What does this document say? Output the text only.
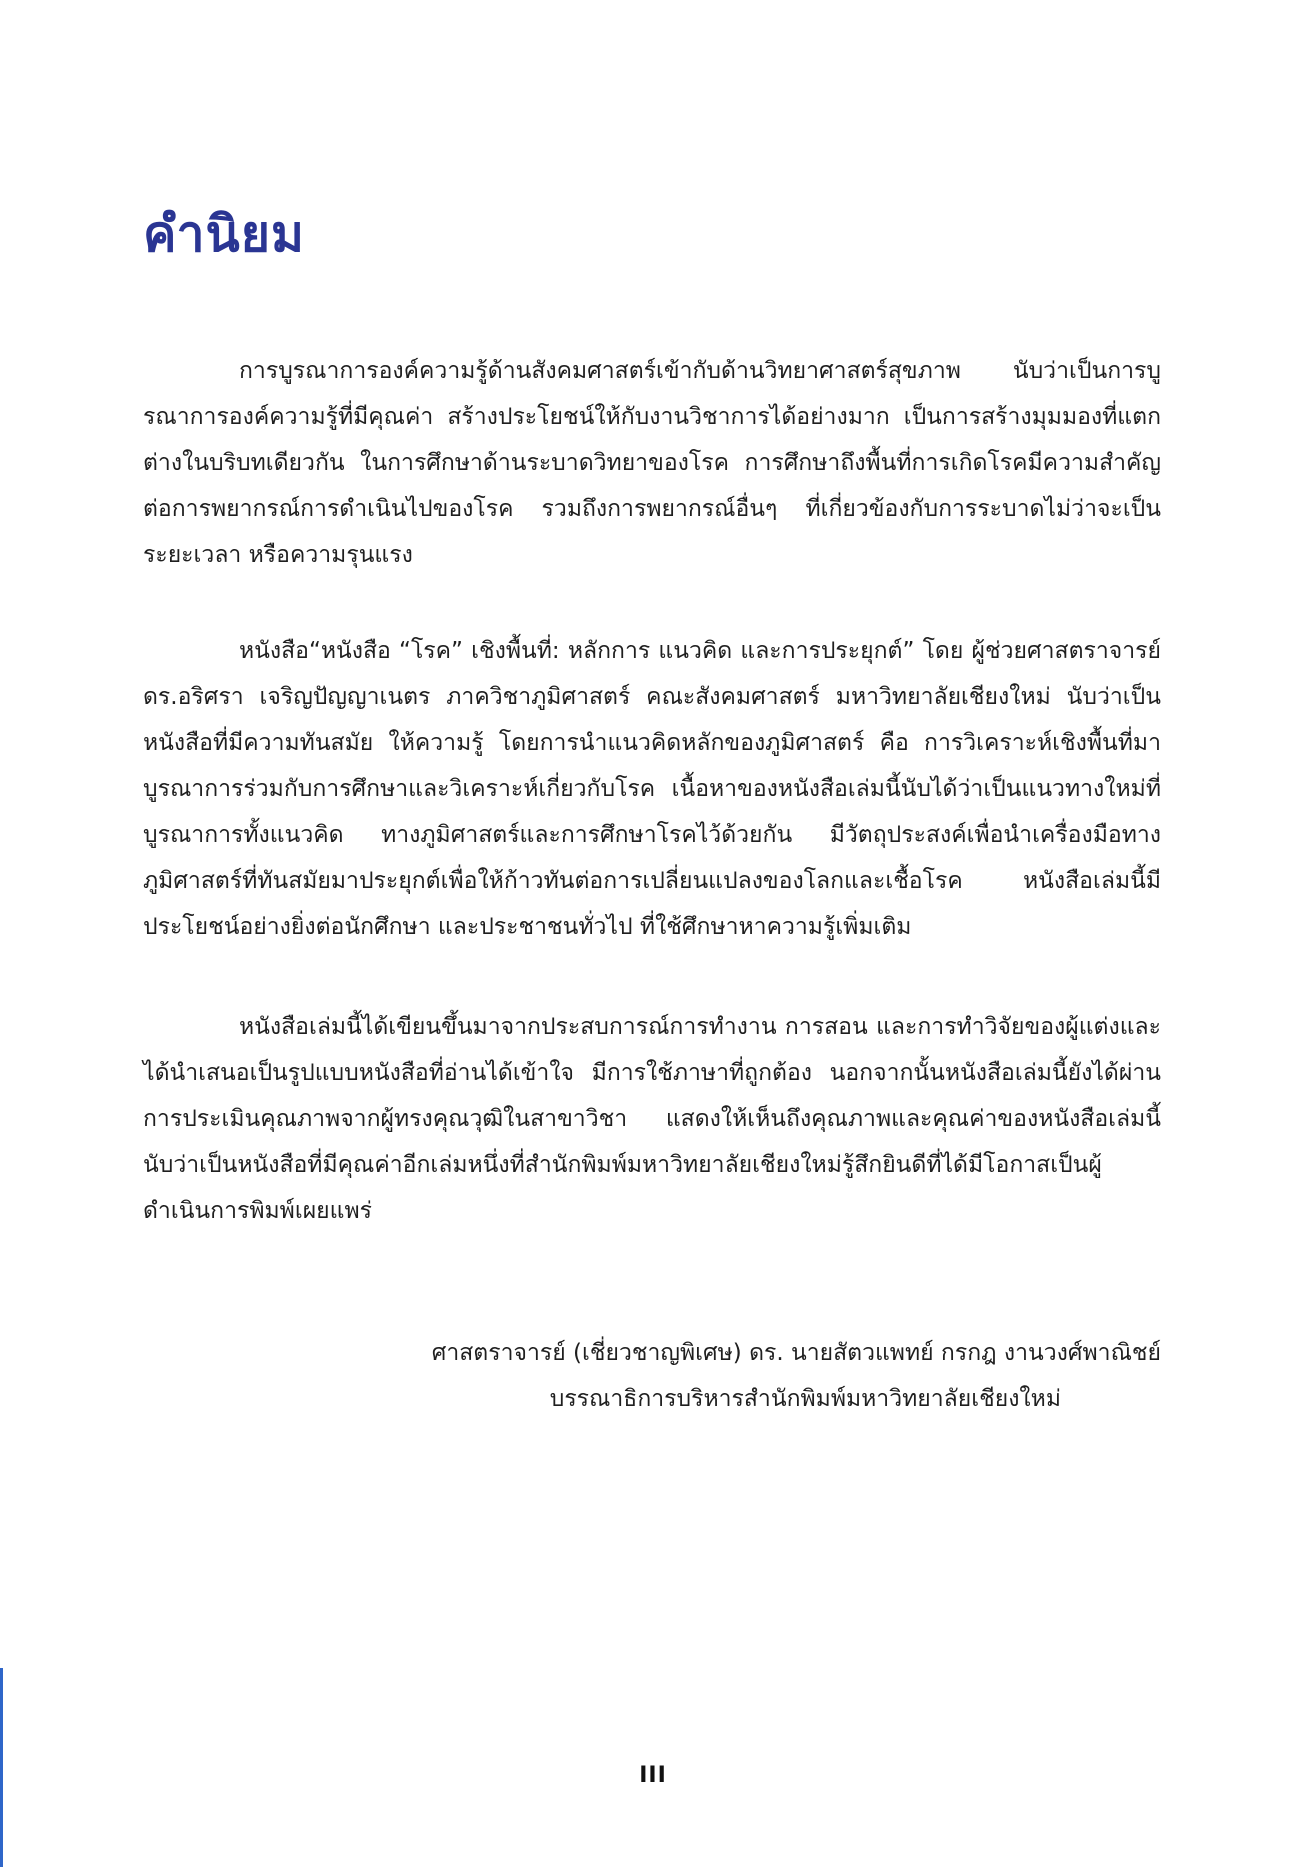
คำนิยม

การบูรณาการองค์ความรู้ด้านสังคมศาสตร์เข้ากับด้านวิทยาศาสตร์สุขภาพ นับว่าเป็นการบูรณาการองค์ความรู้ที่มีคุณค่า สร้างประโยชน์ให้กับงานวิชาการได้อย่างมาก เป็นการสร้างมุมมองที่แตกต่างในบริบทเดียวกัน ในการศึกษาด้านระบาดวิทยาของโรค การศึกษาถึงพื้นที่การเกิดโรคมีความสำคัญต่อการพยากรณ์การดำเนินไปของโรค รวมถึงการพยากรณ์อื่นๆ ที่เกี่ยวข้องกับการระบาดไม่ว่าจะเป็นระยะเวลา หรือความรุนแรง

หนังสือ“หนังสือ “โรค” เชิงพื้นที่: หลักการ แนวคิด และการประยุกต์” โดย ผู้ช่วยศาสตราจารย์ ดร.อริศรา เจริญปัญญาเนตร ภาควิชาภูมิศาสตร์ คณะสังคมศาสตร์ มหาวิทยาลัยเชียงใหม่ นับว่าเป็นหนังสือที่มีความทันสมัย ให้ความรู้ โดยการนำแนวคิดหลักของภูมิศาสตร์ คือ การวิเคราะห์เชิงพื้นที่มาบูรณาการร่วมกับการศึกษาและวิเคราะห์เกี่ยวกับโรค เนื้อหาของหนังสือเล่มนี้นับได้ว่าเป็นแนวทางใหม่ที่บูรณาการทั้งแนวคิด ทางภูมิศาสตร์และการศึกษาโรคไว้ด้วยกัน มีวัตถุประสงค์เพื่อนำเครื่องมือทางภูมิศาสตร์ที่ทันสมัยมาประยุกต์เพื่อให้ก้าวทันต่อการเปลี่ยนแปลงของโลกและเชื้อโรค หนังสือเล่มนี้มีประโยชน์อย่างยิ่งต่อนักศึกษา และประชาชนทั่วไป ที่ใช้ศึกษาหาความรู้เพิ่มเติม

หนังสือเล่มนี้ได้เขียนขึ้นมาจากประสบการณ์การทำงาน การสอน และการทำวิจัยของผู้แต่งและได้นำเสนอเป็นรูปแบบหนังสือที่อ่านได้เข้าใจ มีการใช้ภาษาที่ถูกต้อง นอกจากนั้นหนังสือเล่มนี้ยังได้ผ่านการประเมินคุณภาพจากผู้ทรงคุณวุฒิในสาขาวิชา แสดงให้เห็นถึงคุณภาพและคุณค่าของหนังสือเล่มนี้ นับว่าเป็นหนังสือที่มีคุณค่าอีกเล่มหนึ่งที่สำนักพิมพ์มหาวิทยาลัยเชียงใหม่รู้สึกยินดีที่ได้มีโอกาสเป็นผู้ดำเนินการพิมพ์เผยแพร่

ศาสตราจารย์ (เชี่ยวชาญพิเศษ) ดร. นายสัตวแพทย์ กรกฎ งานวงศ์พาณิชย์
บรรณาธิการบริหารสำนักพิมพ์มหาวิทยาลัยเชียงใหม่
III
